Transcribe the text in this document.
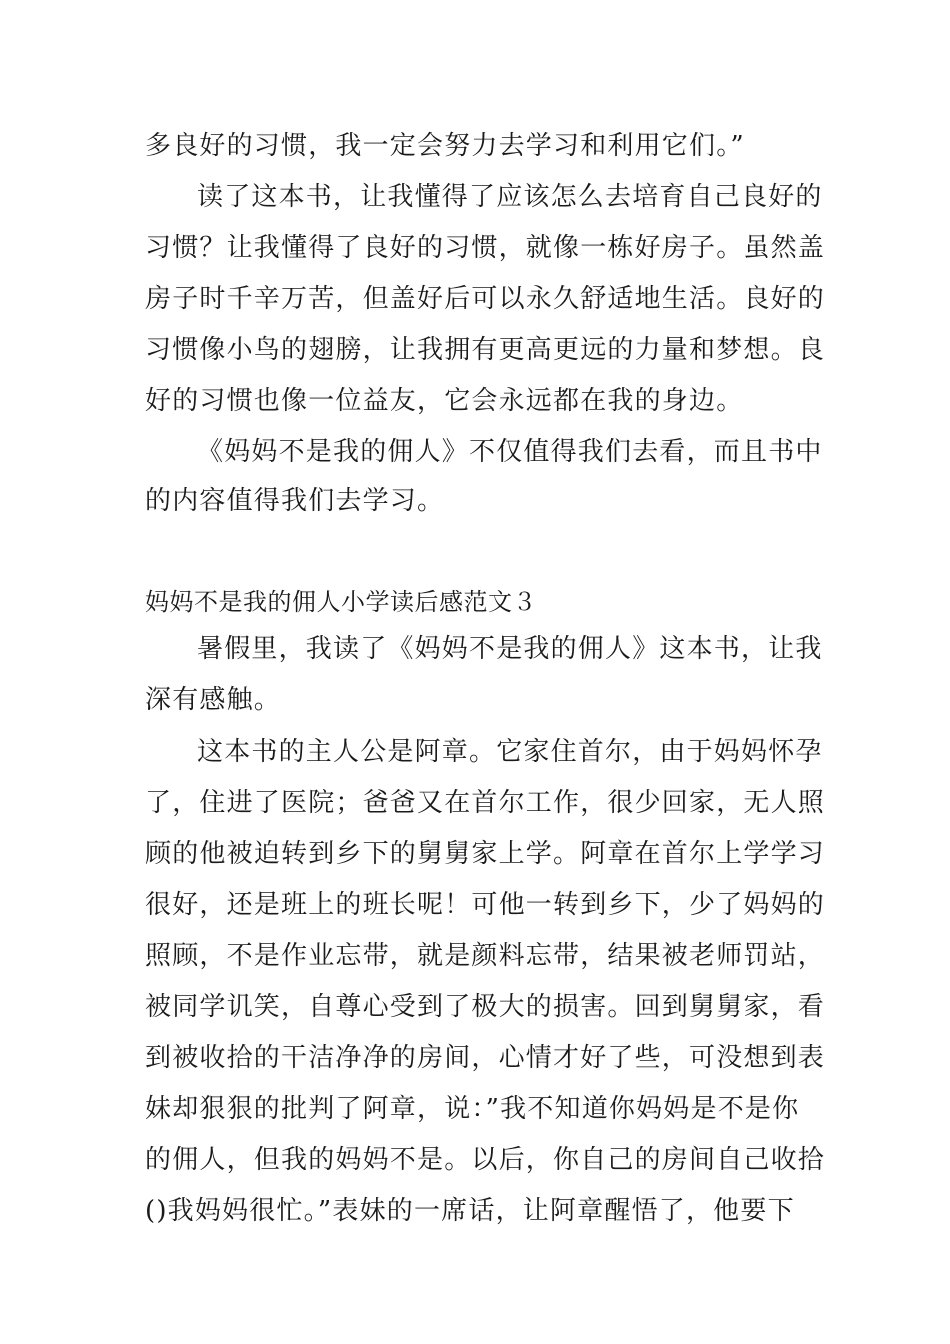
多良好的习惯，我一定会努力去学习和利用它们。”
读了这本书，让我懂得了应该怎么去培育自己良好的
习惯？让我懂得了良好的习惯，就像一栋好房子。虽然盖
房子时千辛万苦，但盖好后可以永久舒适地生活。良好的
习惯像小鸟的翅膀，让我拥有更高更远的力量和梦想。良
好的习惯也像一位益友，它会永远都在我的身边。
《妈妈不是我的佣人》不仅值得我们去看，而且书中
的内容值得我们去学习。
妈妈不是我的佣人小学读后感范文３
暑假里，我读了《妈妈不是我的佣人》这本书，让我
深有感触。
这本书的主人公是阿章。它家住首尔，由于妈妈怀孕
了，住进了医院；爸爸又在首尔工作，很少回家，无人照
顾的他被迫转到乡下的舅舅家上学。阿章在首尔上学学习
很好，还是班上的班长呢！可他一转到乡下，少了妈妈的
照顾，不是作业忘带，就是颜料忘带，结果被老师罚站，
被同学讥笑，自尊心受到了极大的损害。回到舅舅家，看
到被收拾的干洁净净的房间，心情才好了些，可没想到表
妹却狠狠的批判了阿章，说：”我不知道你妈妈是不是你
的佣人，但我的妈妈不是。以后，你自己的房间自己收拾
()我妈妈很忙。”表妹的一席话，让阿章醒悟了，他要下
